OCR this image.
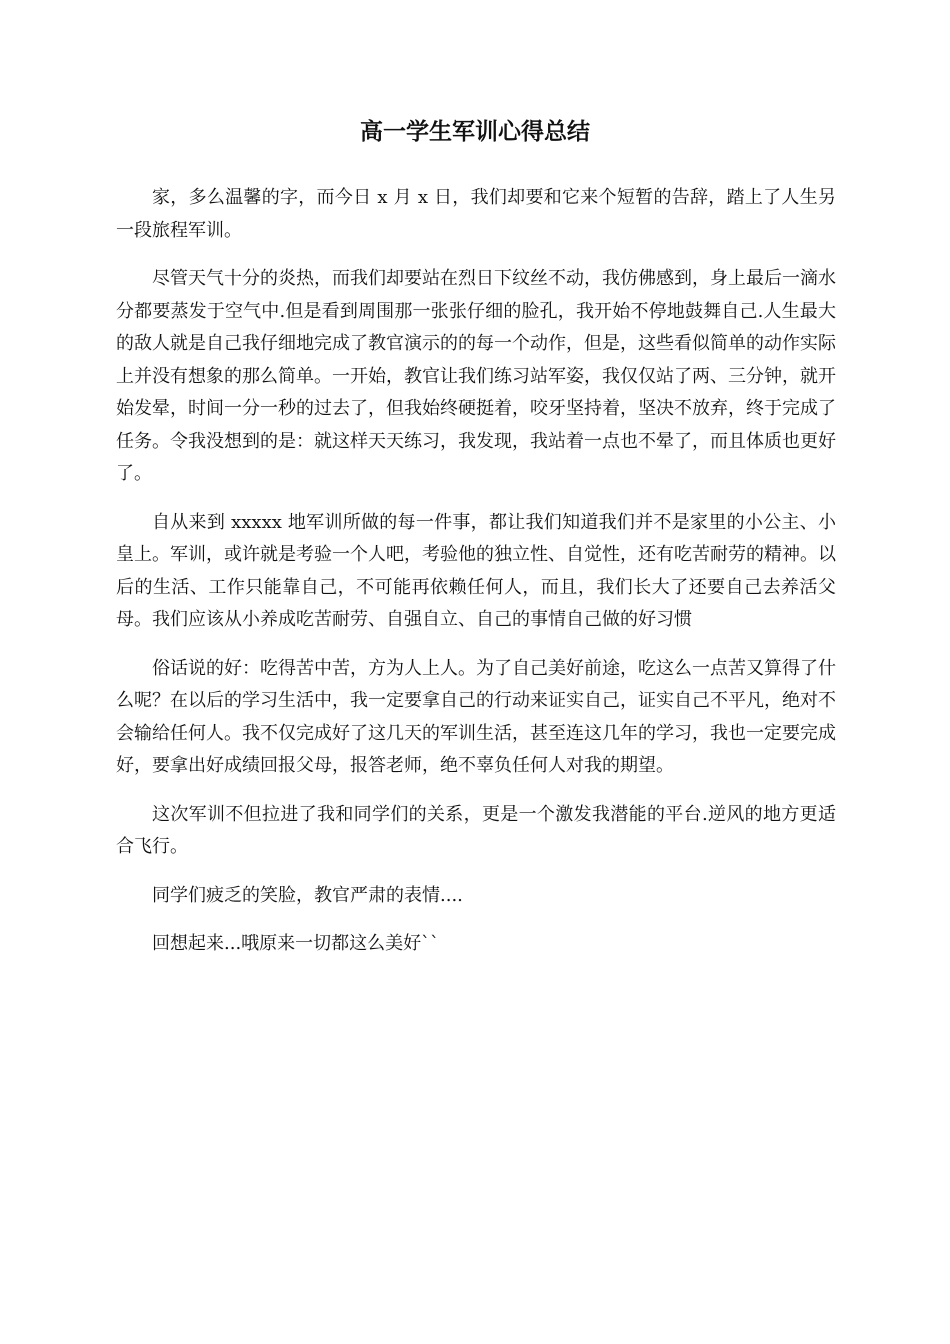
高一学生军训心得总结

家，多么温馨的字，而今日 x 月 x 日，我们却要和它来个短暂的告辞，踏上了人生另一段旅程军训。

尽管天气十分的炎热，而我们却要站在烈日下纹丝不动，我仿佛感到，身上最后一滴水分都要蒸发于空气中.但是看到周围那一张张仔细的脸孔，我开始不停地鼓舞自己.人生最大的敌人就是自己我仔细地完成了教官演示的的每一个动作，但是，这些看似简单的动作实际上并没有想象的那么简单。一开始，教官让我们练习站军姿，我仅仅站了两、三分钟，就开始发晕，时间一分一秒的过去了，但我始终硬挺着，咬牙坚持着，坚决不放弃，终于完成了任务。令我没想到的是：就这样天天练习，我发现，我站着一点也不晕了，而且体质也更好了。

自从来到 xxxxx 地军训所做的每一件事，都让我们知道我们并不是家里的小公主、小皇上。军训，或许就是考验一个人吧，考验他的独立性、自觉性，还有吃苦耐劳的精神。以后的生活、工作只能靠自己，不可能再依赖任何人，而且，我们长大了还要自己去养活父母。我们应该从小养成吃苦耐劳、自强自立、自己的事情自己做的好习惯

俗话说的好：吃得苦中苦，方为人上人。为了自己美好前途，吃这么一点苦又算得了什么呢？在以后的学习生活中，我一定要拿自己的行动来证实自己，证实自己不平凡，绝对不会输给任何人。我不仅完成好了这几天的军训生活，甚至连这几年的学习，我也一定要完成好，要拿出好成绩回报父母，报答老师，绝不辜负任何人对我的期望。

这次军训不但拉进了我和同学们的关系，更是一个激发我潜能的平台.逆风的地方更适合飞行。

同学们疲乏的笑脸，教官严肃的表情....

回想起来...哦原来一切都这么美好``
